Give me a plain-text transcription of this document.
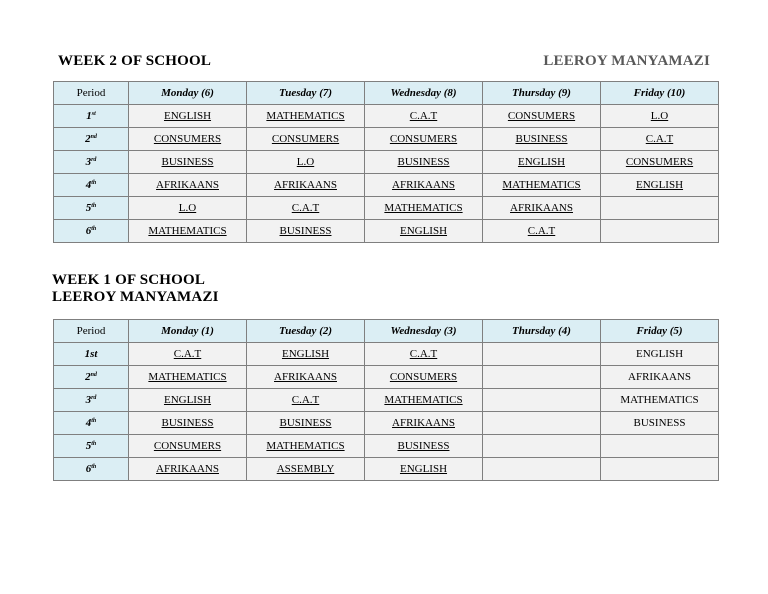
WEEK 2 OF SCHOOL	LEEROY MANYAMAZI
Period	Monday (6)	Tuesday (7)	Wednesday (8)	Thursday (9)	Friday (10)
1st	ENGLISH	MATHEMATICS	C.A.T	CONSUMERS	L.O
2nd	CONSUMERS	CONSUMERS	CONSUMERS	BUSINESS	C.A.T
3rd	BUSINESS	L.O	BUSINESS	ENGLISH	CONSUMERS
4th	AFRIKAANS	AFRIKAANS	AFRIKAANS	MATHEMATICS	ENGLISH
5th	L.O	C.A.T	MATHEMATICS	AFRIKAANS	
6th	MATHEMATICS	BUSINESS	ENGLISH	C.A.T	
WEEK 1 OF SCHOOL
LEEROY MANYAMAZI
Period	Monday (1)	Tuesday (2)	Wednesday (3)	Thursday (4)	Friday (5)
1st	C.A.T	ENGLISH	C.A.T		ENGLISH
2nd	MATHEMATICS	AFRIKAANS	CONSUMERS		AFRIKAANS
3rd	ENGLISH	C.A.T	MATHEMATICS		MATHEMATICS
4th	BUSINESS	BUSINESS	AFRIKAANS		BUSINESS
5th	CONSUMERS	MATHEMATICS	BUSINESS		
6th	AFRIKAANS	ASSEMBLY	ENGLISH		
